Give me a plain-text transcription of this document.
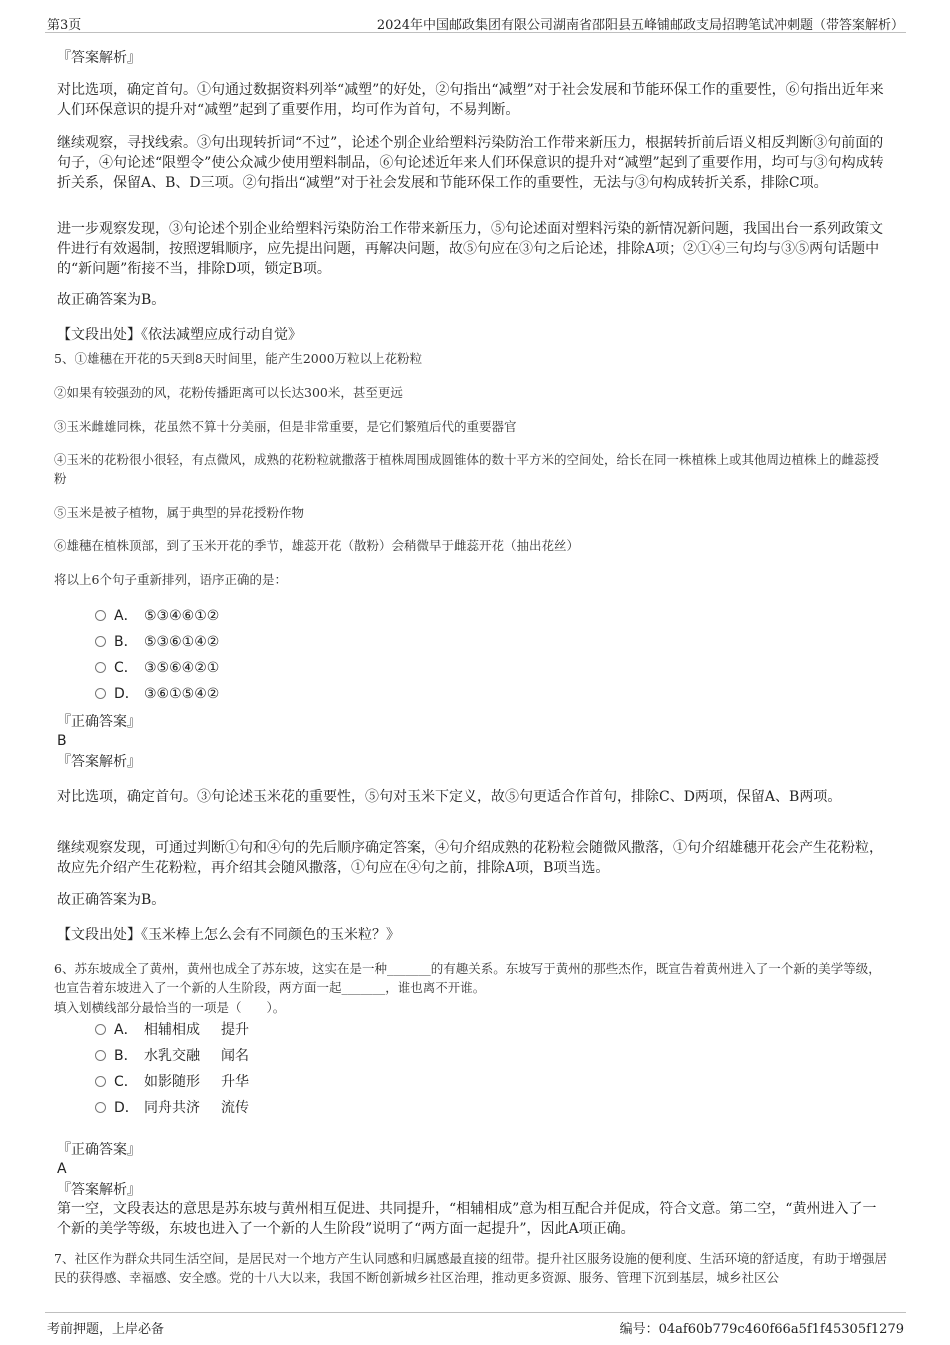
第3页	2024年中国邮政集团有限公司湖南省邵阳县五峰铺邮政支局招聘笔试冲刺题（带答案解析）
『答案解析』
对比选项，确定首句。①句通过数据资料列举“减塑”的好处，②句指出“减塑”对于社会发展和节能环保工作的重要性，⑥句指出近年来人们环保意识的提升对“减塑”起到了重要作用，均可作为首句，不易判断。
继续观察，寻找线索。③句出现转折词“不过”，论述个别企业给塑料污染防治工作带来新压力，根据转折前后语义相反判断③句前面的句子，④句论述“限塑令”使公众减少使用塑料制品，⑥句论述近年来人们环保意识的提升对“减塑”起到了重要作用，均可与③句构成转折关系，保留A、B、D三项。②句指出“减塑”对于社会发展和节能环保工作的重要性，无法与③句构成转折关系，排除C项。
进一步观察发现，③句论述个别企业给塑料污染防治工作带来新压力，⑤句论述面对塑料污染的新情况新问题，我国出台一系列政策文件进行有效遏制，按照逻辑顺序，应先提出问题，再解决问题，故⑤句应在③句之后论述，排除A项；②①④三句均与③⑤两句话题中的“新问题”衔接不当，排除D项，锁定B项。
故正确答案为B。
【文段出处】《依法减塑应成行动自觉》
5、①雄穗在开花的5天到8天时间里，能产生2000万粒以上花粉粒
②如果有较强劲的风，花粉传播距离可以长达300米，甚至更远
③玉米雌雄同株，花虽然不算十分美丽，但是非常重要，是它们繁殖后代的重要器官
④玉米的花粉很小很轻，有点微风，成熟的花粉粒就撒落于植株周围成圆锥体的数十平方米的空间处，给长在同一株植株上或其他周边植株上的雌蕊授粉
⑤玉米是被子植物，属于典型的异花授粉作物
⑥雄穗在植株顶部，到了玉米开花的季节，雄蕊开花（散粉）会稍微早于雌蕊开花（抽出花丝）
将以上6个句子重新排列，语序正确的是：
A． ⑤③④⑥①②
B． ⑤③⑥①④②
C． ③⑤⑥④②①
D． ③⑥①⑤④②
『正确答案』
B
『答案解析』
对比选项，确定首句。③句论述玉米花的重要性，⑤句对玉米下定义，故⑤句更适合作首句，排除C、D两项，保留A、B两项。
继续观察发现，可通过判断①句和④句的先后顺序确定答案，④句介绍成熟的花粉粒会随微风撒落，①句介绍雄穗开花会产生花粉粒，故应先介绍产生花粉粒，再介绍其会随风撒落，①句应在④句之前，排除A项，B项当选。
故正确答案为B。
【文段出处】《玉米棒上怎么会有不同颜色的玉米粒？》
6、苏东坡成全了黄州，黄州也成全了苏东坡，这实在是一种_______的有趣关系。东坡写于黄州的那些杰作，既宣告着黄州进入了一个新的美学等级，也宣告着东坡进入了一个新的人生阶段，两方面一起_______，谁也离不开谁。
填入划横线部分最恰当的一项是（　　）。
A． 相辅相成 提升
B． 水乳交融 闻名
C． 如影随形 升华
D． 同舟共济 流传
『正确答案』
A
『答案解析』
第一空，文段表达的意思是苏东坡与黄州相互促进、共同提升，“相辅相成”意为相互配合并促成，符合文意。第二空，“黄州进入了一个新的美学等级，东坡也进入了一个新的人生阶段”说明了“两方面一起提升”，因此A项正确。
7、社区作为群众共同生活空间，是居民对一个地方产生认同感和归属感最直接的纽带。提升社区服务设施的便利度、生活环境的舒适度，有助于增强居民的获得感、幸福感、安全感。党的十八大以来，我国不断创新城乡社区治理，推动更多资源、服务、管理下沉到基层，城乡社区公
考前押题，上岸必备	编号：04af60b779c460f66a5f1f45305f1279
